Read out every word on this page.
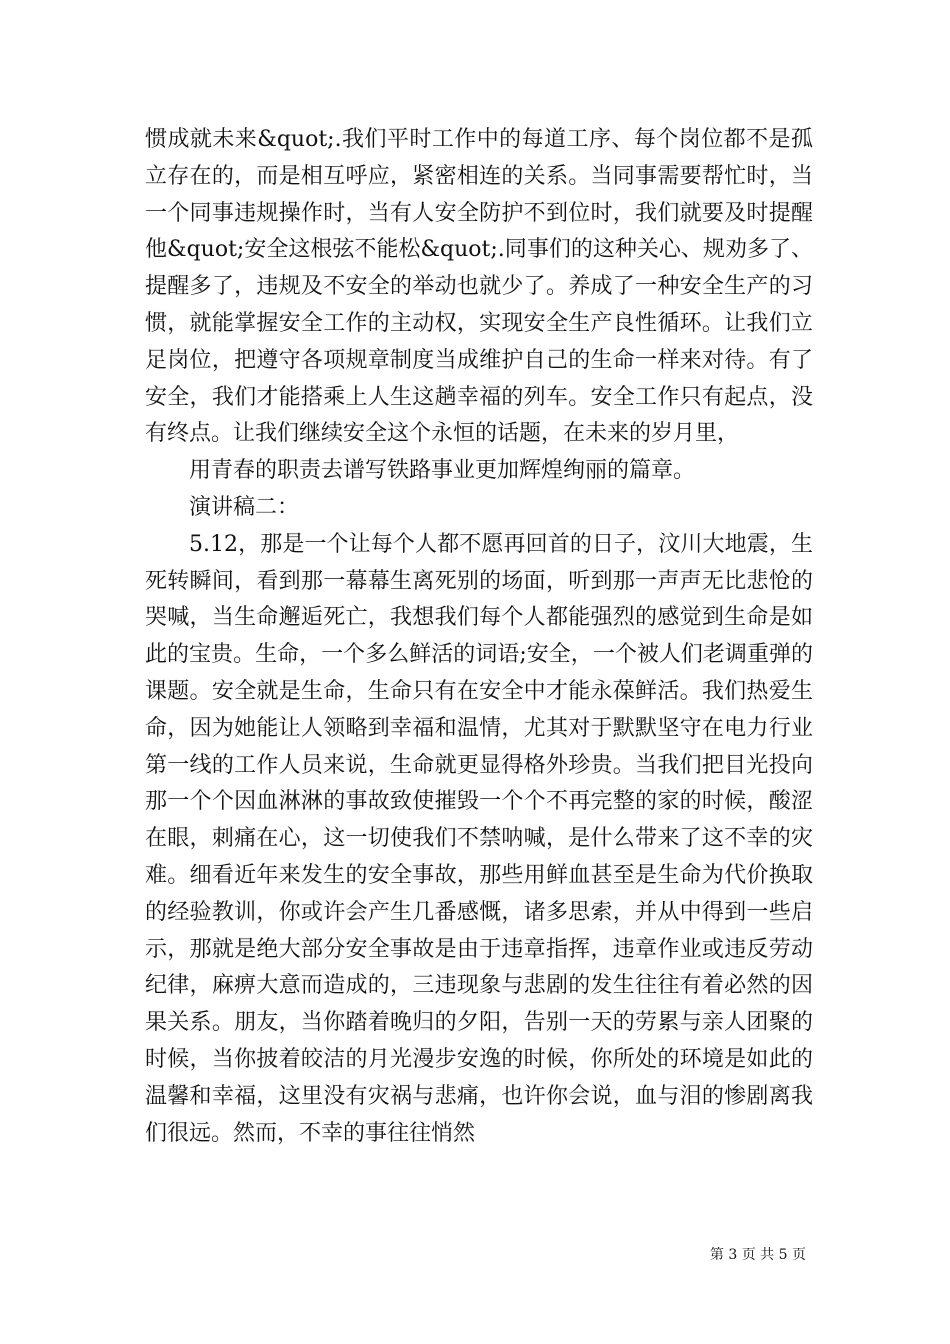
惯成就未来&quot;.我们平时工作中的每道工序、每个岗位都不是孤立存在的，而是相互呼应，紧密相连的关系。当同事需要帮忙时，当一个同事违规操作时，当有人安全防护不到位时，我们就要及时提醒他&quot;安全这根弦不能松&quot;.同事们的这种关心、规劝多了、提醒多了，违规及不安全的举动也就少了。养成了一种安全生产的习惯，就能掌握安全工作的主动权，实现安全生产良性循环。让我们立足岗位，把遵守各项规章制度当成维护自己的生命一样来对待。有了安全，我们才能搭乘上人生这趟幸福的列车。安全工作只有起点，没有终点。让我们继续安全这个永恒的话题，在未来的岁月里，

用青春的职责去谱写铁路事业更加辉煌绚丽的篇章。

演讲稿二：

5.12，那是一个让每个人都不愿再回首的日子，汶川大地震，生死转瞬间，看到那一幕幕生离死别的场面，听到那一声声无比悲怆的哭喊，当生命邂逅死亡，我想我们每个人都能强烈的感觉到生命是如此的宝贵。生命，一个多么鲜活的词语;安全，一个被人们老调重弹的课题。安全就是生命，生命只有在安全中才能永葆鲜活。我们热爱生命，因为她能让人领略到幸福和温情，尤其对于默默坚守在电力行业第一线的工作人员来说，生命就更显得格外珍贵。当我们把目光投向那一个个因血淋淋的事故致使摧毁一个个不再完整的家的时候，酸涩在眼，刺痛在心，这一切使我们不禁呐喊，是什么带来了这不幸的灾难。细看近年来发生的安全事故，那些用鲜血甚至是生命为代价换取的经验教训，你或许会产生几番感慨，诸多思索，并从中得到一些启示，那就是绝大部分安全事故是由于违章指挥，违章作业或违反劳动纪律，麻痹大意而造成的，三违现象与悲剧的发生往往有着必然的因果关系。朋友，当你踏着晚归的夕阳，告别一天的劳累与亲人团聚的时候，当你披着皎洁的月光漫步安逸的时候，你所处的环境是如此的温馨和幸福，这里没有灾祸与悲痛，也许你会说，血与泪的惨剧离我们很远。然而，不幸的事往往悄然

第 3 页 共 5 页
